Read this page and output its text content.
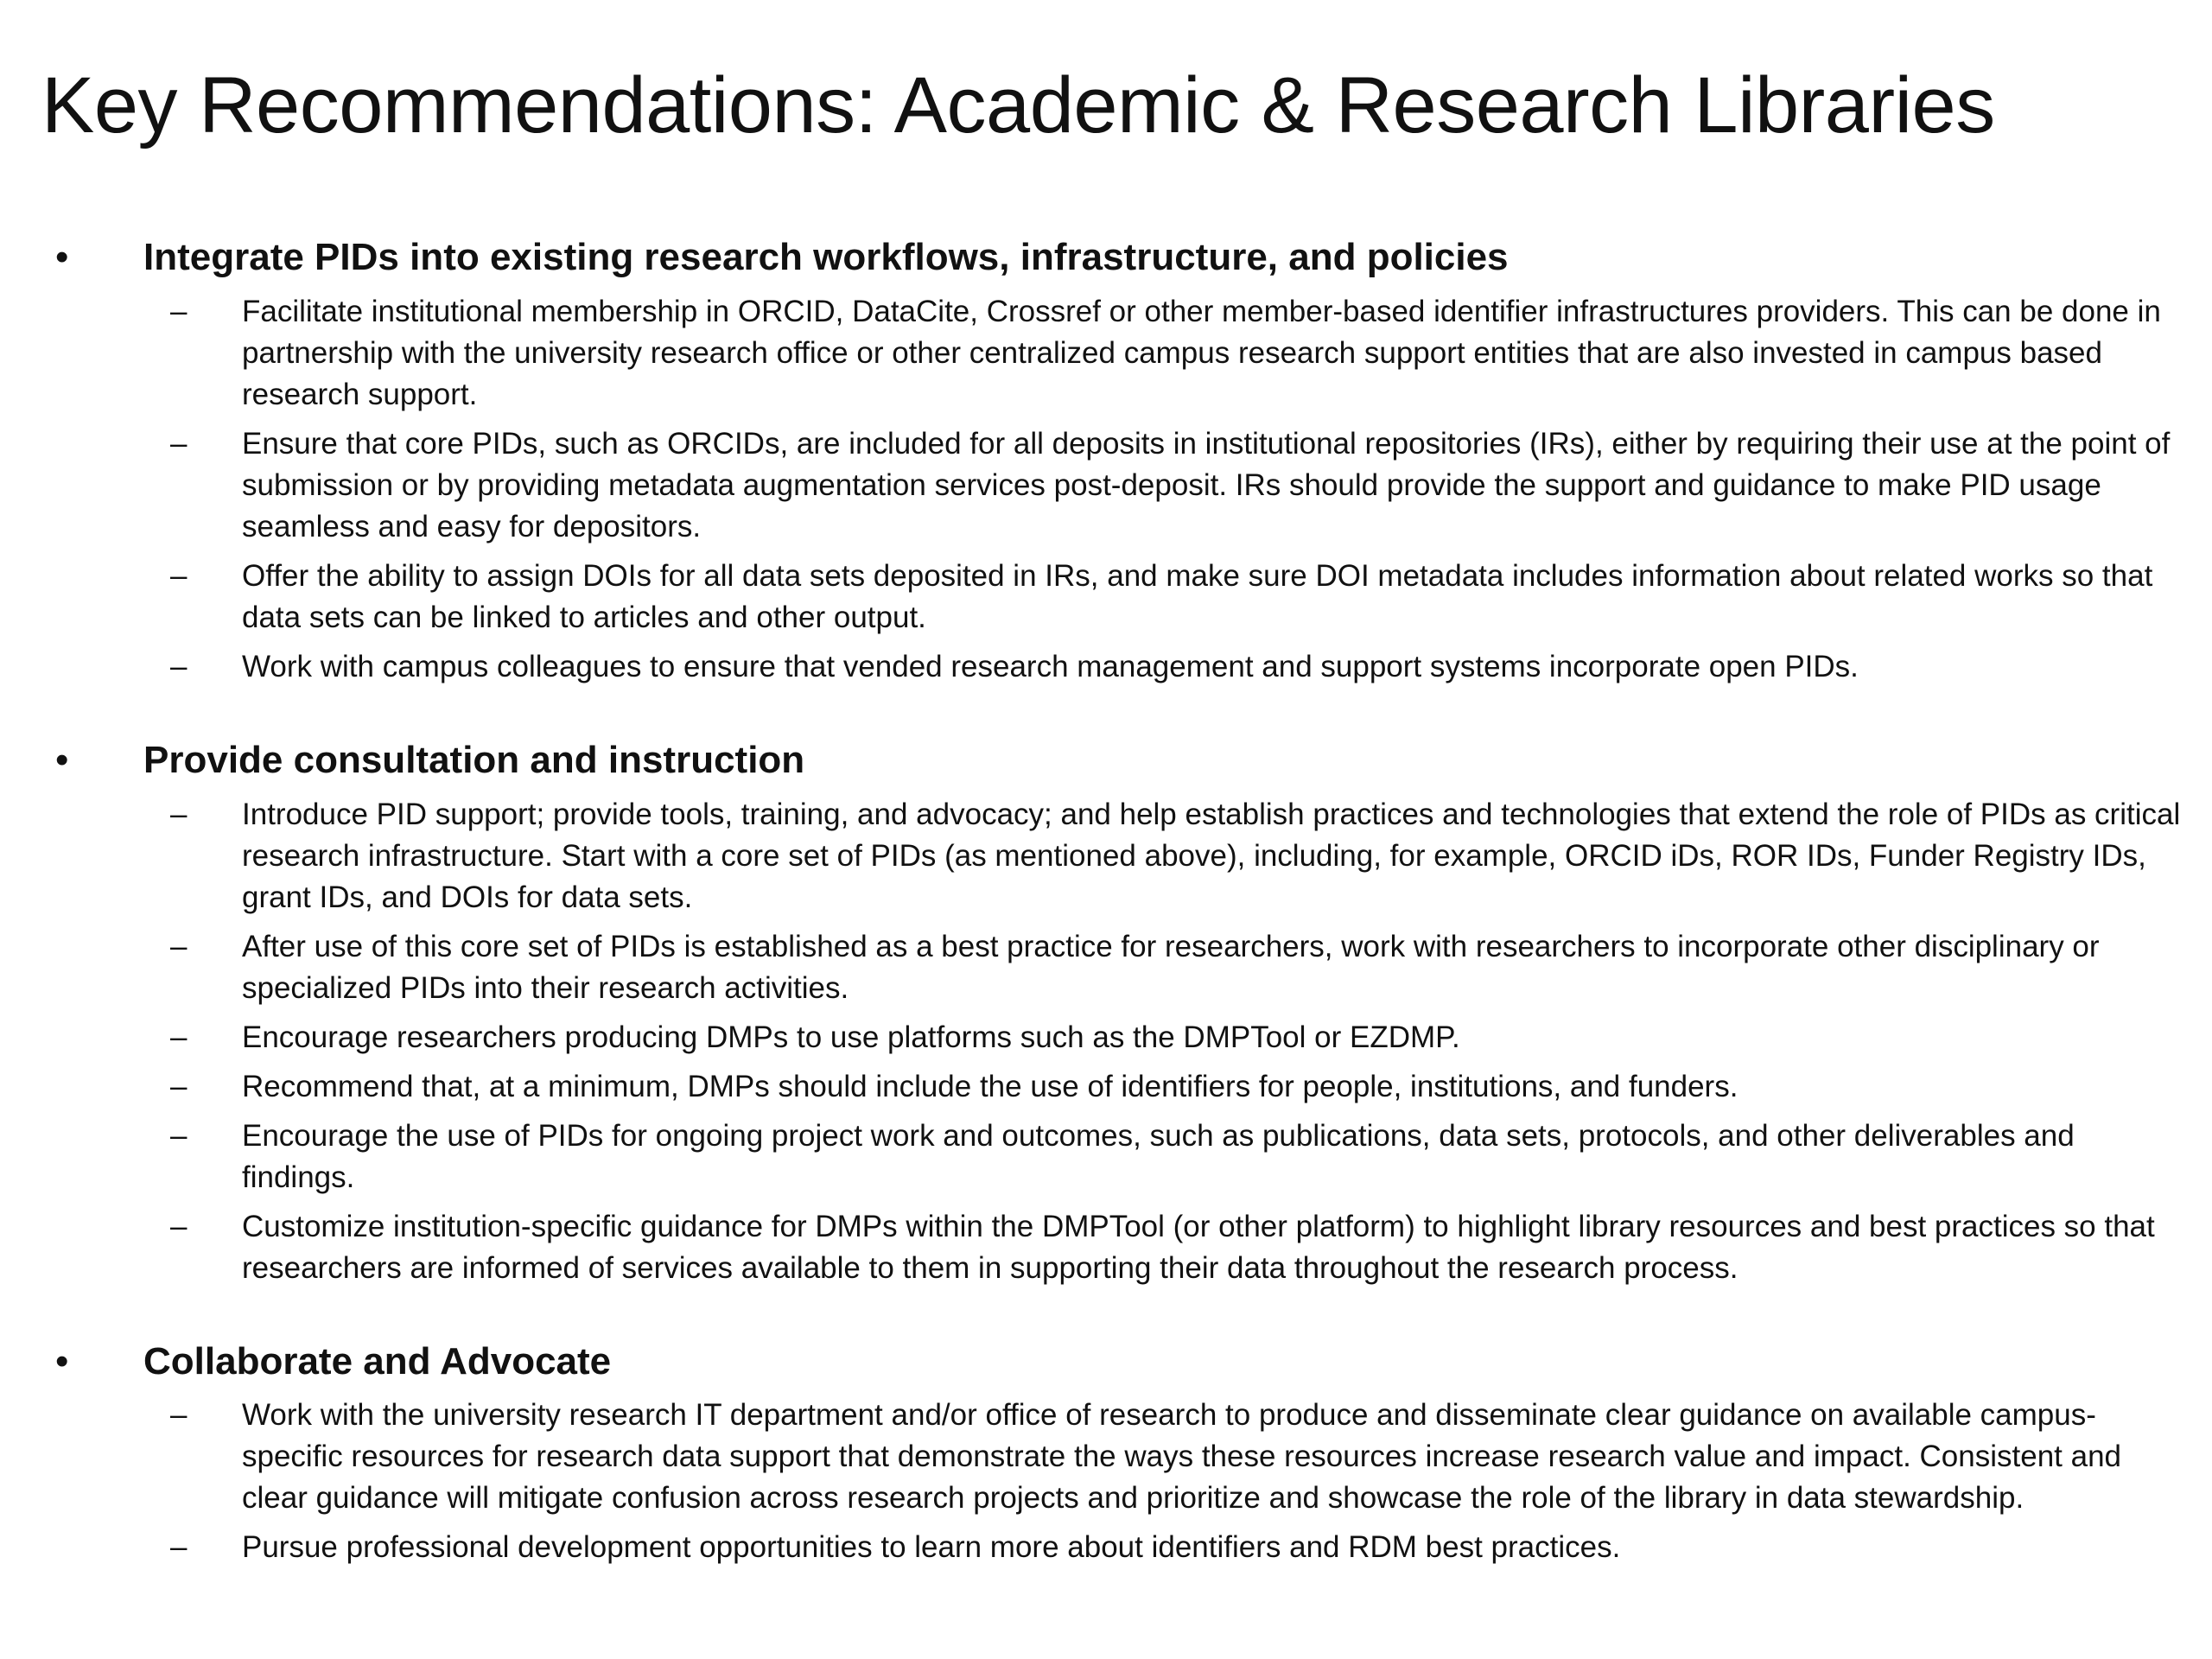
Key Recommendations: Academic & Research Libraries
• Integrate PIDs into existing research workflows, infrastructure, and policies
– Facilitate institutional membership in ORCID, DataCite, Crossref or other member-based identifier infrastructures providers. This can be done in partnership with the university research office or other centralized campus research support entities that are also invested in campus based research support.
– Ensure that core PIDs, such as ORCIDs, are included for all deposits in institutional repositories (IRs), either by requiring their use at the point of submission or by providing metadata augmentation services post-deposit. IRs should provide the support and guidance to make PID usage seamless and easy for depositors.
– Offer the ability to assign DOIs for all data sets deposited in IRs, and make sure DOI metadata includes information about related works so that data sets can be linked to articles and other output.
– Work with campus colleagues to ensure that vended research management and support systems incorporate open PIDs.
• Provide consultation and instruction
– Introduce PID support; provide tools, training, and advocacy; and help establish practices and technologies that extend the role of PIDs as critical research infrastructure. Start with a core set of PIDs (as mentioned above), including, for example, ORCID iDs, ROR IDs, Funder Registry IDs, grant IDs, and DOIs for data sets.
– After use of this core set of PIDs is established as a best practice for researchers, work with researchers to incorporate other disciplinary or specialized PIDs into their research activities.
– Encourage researchers producing DMPs to use platforms such as the DMPTool or EZDMP.
– Recommend that, at a minimum, DMPs should include the use of identifiers for people, institutions, and funders.
– Encourage the use of PIDs for ongoing project work and outcomes, such as publications, data sets, protocols, and other deliverables and findings.
– Customize institution-specific guidance for DMPs within the DMPTool (or other platform) to highlight library resources and best practices so that researchers are informed of services available to them in supporting their data throughout the research process.
• Collaborate and Advocate
– Work with the university research IT department and/or office of research to produce and disseminate clear guidance on available campus-specific resources for research data support that demonstrate the ways these resources increase research value and impact. Consistent and clear guidance will mitigate confusion across research projects and prioritize and showcase the role of the library in data stewardship.
– Pursue professional development opportunities to learn more about identifiers and RDM best practices.
